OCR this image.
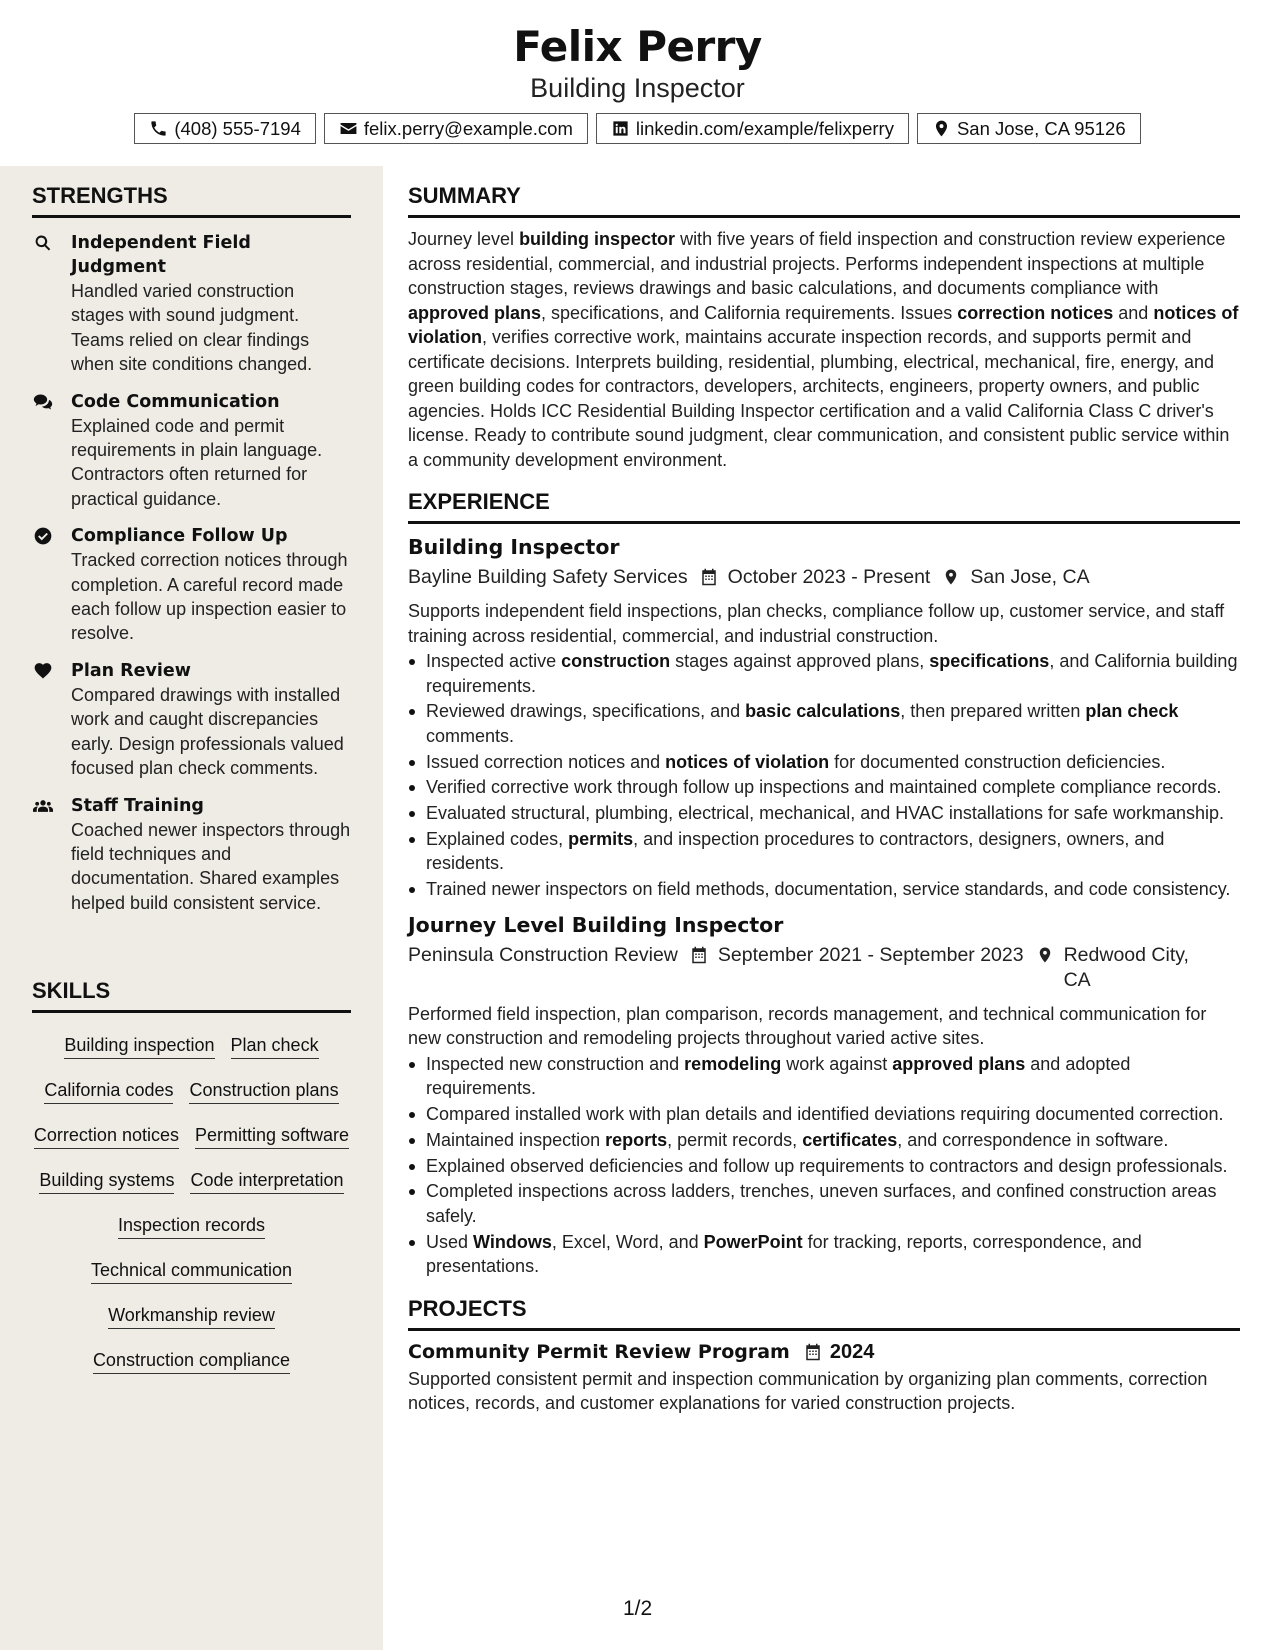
Felix Perry
Building Inspector
(408) 555-7194	felix.perry@example.com	linkedin.com/example/felixperry	San Jose, CA 95126
STRENGTHS
Independent Field Judgment
Handled varied construction stages with sound judgment. Teams relied on clear findings when site conditions changed.
Code Communication
Explained code and permit requirements in plain language. Contractors often returned for practical guidance.
Compliance Follow Up
Tracked correction notices through completion. A careful record made each follow up inspection easier to resolve.
Plan Review
Compared drawings with installed work and caught discrepancies early. Design professionals valued focused plan check comments.
Staff Training
Coached newer inspectors through field techniques and documentation. Shared examples helped build consistent service.
SKILLS
Building inspection Plan check
California codes Construction plans
Correction notices Permitting software
Building systems Code interpretation
Inspection records
Technical communication
Workmanship review
Construction compliance
SUMMARY
Journey level building inspector with five years of field inspection and construction review experience across residential, commercial, and industrial projects. Performs independent inspections at multiple construction stages, reviews drawings and basic calculations, and documents compliance with approved plans, specifications, and California requirements. Issues correction notices and notices of violation, verifies corrective work, maintains accurate inspection records, and supports permit and certificate decisions. Interprets building, residential, plumbing, electrical, mechanical, fire, energy, and green building codes for contractors, developers, architects, engineers, property owners, and public agencies. Holds ICC Residential Building Inspector certification and a valid California Class C driver's license. Ready to contribute sound judgment, clear communication, and consistent public service within a community development environment.
EXPERIENCE
Building Inspector
Bayline Building Safety Services October 2023 - Present San Jose, CA
Supports independent field inspections, plan checks, compliance follow up, customer service, and staff training across residential, commercial, and industrial construction.
Inspected active construction stages against approved plans, specifications, and California building requirements.
Reviewed drawings, specifications, and basic calculations, then prepared written plan check comments.
Issued correction notices and notices of violation for documented construction deficiencies.
Verified corrective work through follow up inspections and maintained complete compliance records.
Evaluated structural, plumbing, electrical, mechanical, and HVAC installations for safe workmanship.
Explained codes, permits, and inspection procedures to contractors, designers, owners, and residents.
Trained newer inspectors on field methods, documentation, service standards, and code consistency.
Journey Level Building Inspector
Peninsula Construction Review September 2021 - September 2023 Redwood City, CA
Performed field inspection, plan comparison, records management, and technical communication for new construction and remodeling projects throughout varied active sites.
Inspected new construction and remodeling work against approved plans and adopted requirements.
Compared installed work with plan details and identified deviations requiring documented correction.
Maintained inspection reports, permit records, certificates, and correspondence in software.
Explained observed deficiencies and follow up requirements to contractors and design professionals.
Completed inspections across ladders, trenches, uneven surfaces, and confined construction areas safely.
Used Windows, Excel, Word, and PowerPoint for tracking, reports, correspondence, and presentations.
PROJECTS
Community Permit Review Program 2024
Supported consistent permit and inspection communication by organizing plan comments, correction notices, records, and customer explanations for varied construction projects.
1/2
